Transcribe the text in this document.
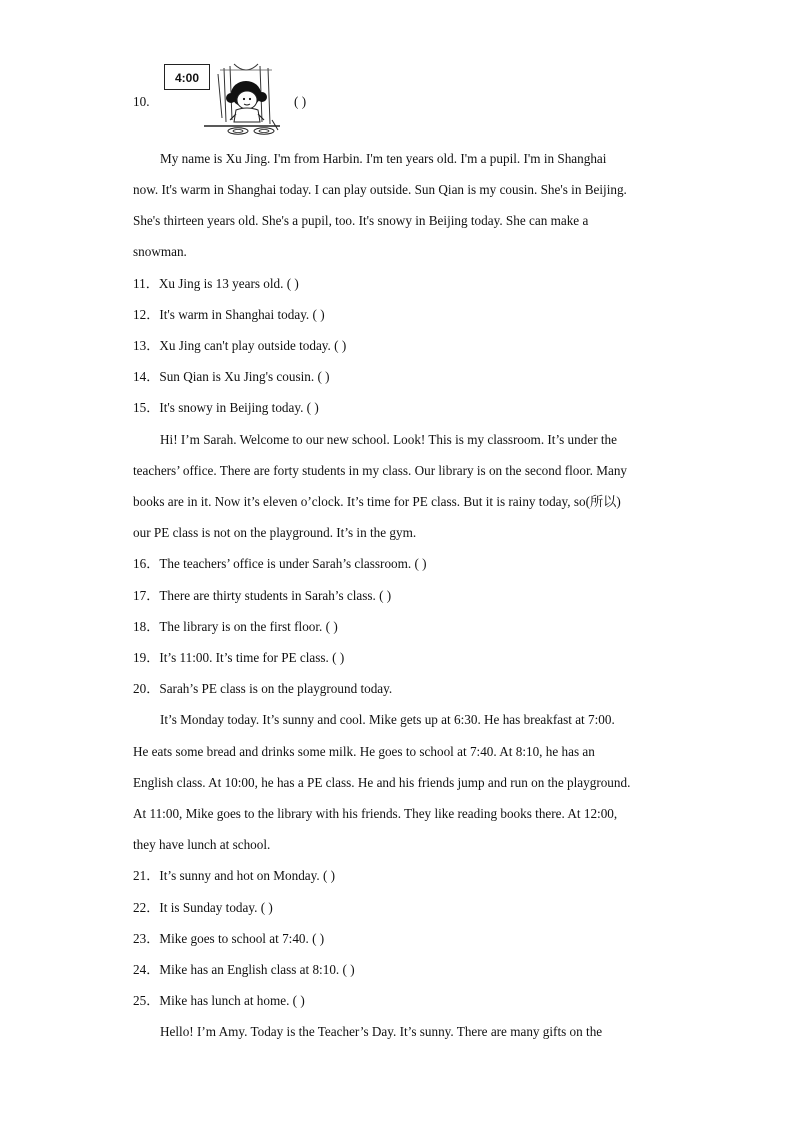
10.
4:00
( )
My name is Xu Jing. I'm from Harbin. I'm ten years old. I'm a pupil. I'm in Shanghai
now. It's warm in Shanghai today. I can play outside. Sun Qian is my cousin. She's in Beijing.
She's thirteen years old. She's a pupil, too. It's snowy in Beijing today. She can make a
snowman.
11．Xu Jing is 13 years old. ( )
12．It's warm in Shanghai today. ( )
13．Xu Jing can't play outside today. ( )
14．Sun Qian is Xu Jing's cousin. ( )
15．It's snowy in Beijing today. ( )
Hi! I’m Sarah. Welcome to our new school. Look! This is my classroom. It’s under the
teachers’ office. There are forty students in my class. Our library is on the second floor. Many
books are in it. Now it’s eleven o’clock. It’s time for PE class. But it is rainy today, so(所以)
our PE class is not on the playground. It’s in the gym.
16．The teachers’ office is under Sarah’s classroom. ( )
17．There are thirty students in Sarah’s class. ( )
18．The library is on the first floor. ( )
19．It’s 11:00. It’s time for PE class. ( )
20．Sarah’s PE class is on the playground today.
It’s Monday today. It’s sunny and cool. Mike gets up at 6:30. He has breakfast at 7:00.
He eats some bread and drinks some milk. He goes to school at 7:40. At 8:10, he has an
English class. At 10:00, he has a PE class. He and his friends jump and run on the playground.
At 11:00, Mike goes to the library with his friends. They like reading books there. At 12:00,
they have lunch at school.
21．It’s sunny and hot on Monday. ( )
22．It is Sunday today. ( )
23．Mike goes to school at 7:40. ( )
24．Mike has an English class at 8:10. ( )
25．Mike has lunch at home. ( )
Hello! I’m Amy. Today is the Teacher’s Day. It’s sunny. There are many gifts on the
